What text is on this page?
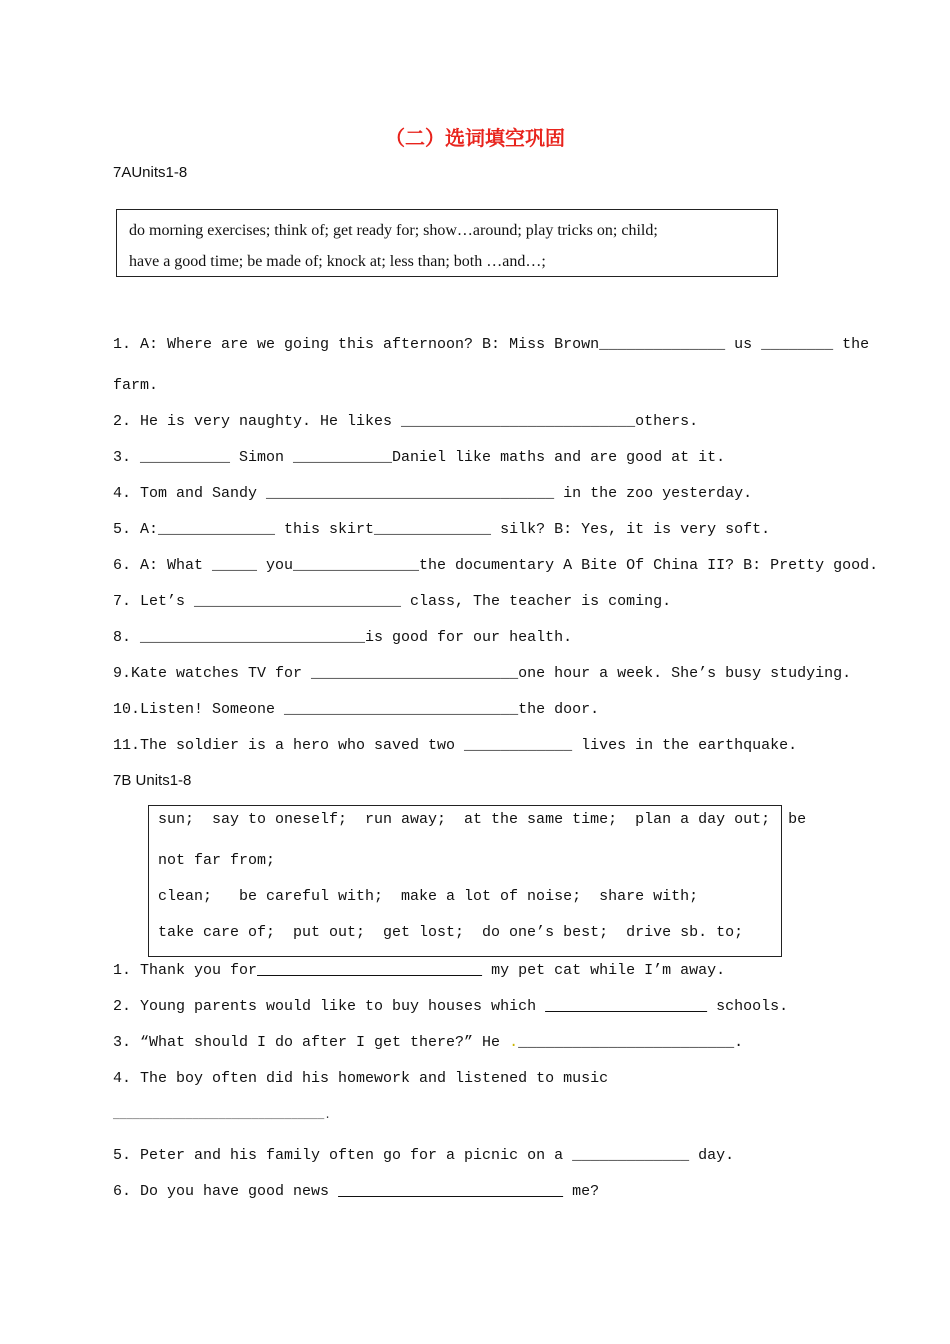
（二）选词填空巩固
7AUnits1-8
do morning exercises; think of; get ready for; show…around; play tricks on; child;
have a good time; be made of; knock at; less than; both …and…;
1. A: Where are we going this afternoon? B: Miss Brown______________ us ________ the
farm.
2. He is very naughty. He likes __________________________others.
3. __________ Simon ___________Daniel like maths and are good at it.
4. Tom and Sandy ________________________________ in the zoo yesterday.
5. A:_____________ this skirt_____________ silk? B: Yes, it is very soft.
6. A: What _____ you______________the documentary A Bite Of China II? B: Pretty good.
7. Let’s _______________________ class, The teacher is coming.
8. _________________________is good for our health.
9.Kate watches TV for _______________________one hour a week. She’s busy studying.
10.Listen! Someone __________________________the door.
11.The soldier is a hero who saved two ____________ lives in the earthquake.
7B Units1-8
sun;  say to oneself;  run away;  at the same time;  plan a day out;  be
not far from;
clean;   be careful with;  make a lot of noise;  share with;
take care of;  put out;  get lost;  do one’s best;  drive sb. to;
1. Thank you for	my pet cat while I’m away.
2. Young parents would like to buy houses which	schools.
3. “What should I do after I get there?” He .________________________.
4. The boy often did his homework and listened to music
________________________________.
5. Peter and his family often go for a picnic on a _____________ day.
6. Do you have good news	me?
